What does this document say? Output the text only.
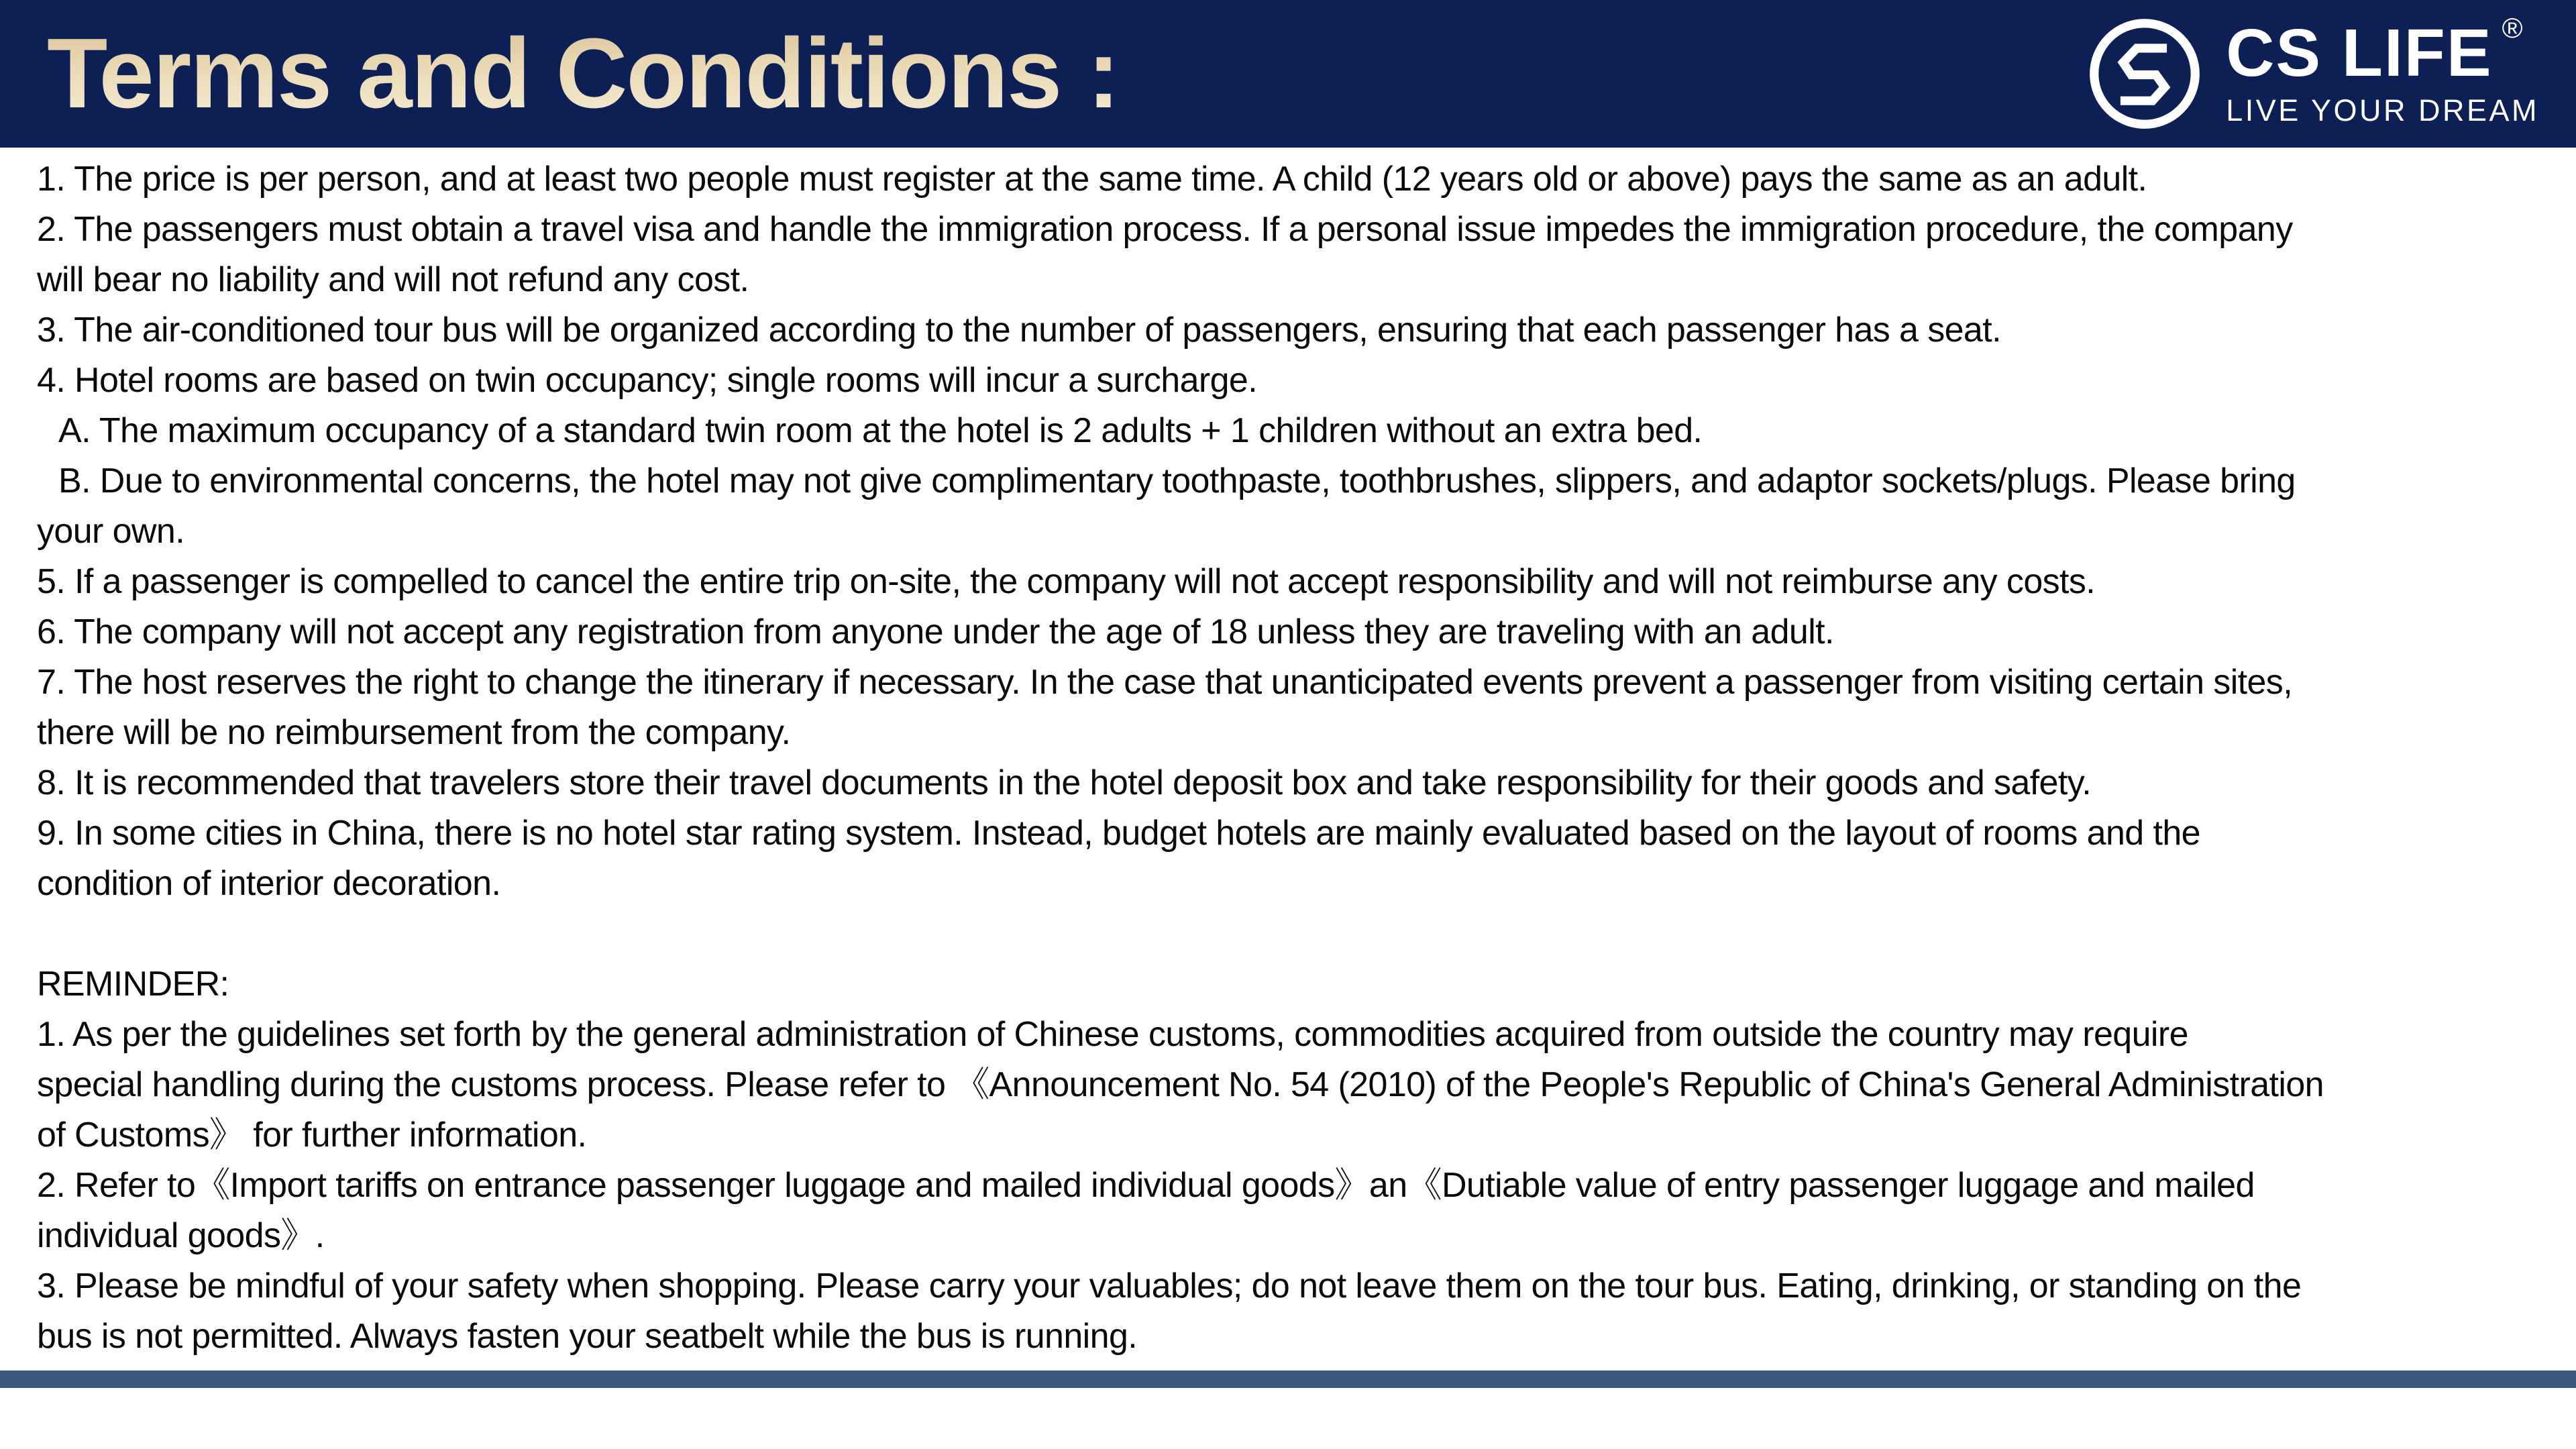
Terms and Conditions :	CS LIFE ®
LIVE YOUR DREAM
1. The price is per person, and at least two people must register at the same time. A child (12 years old or above) pays the same as an adult.
2. The passengers must obtain a travel visa and handle the immigration process. If a personal issue impedes the immigration procedure, the company
will bear no liability and will not refund any cost.
3. The air-conditioned tour bus will be organized according to the number of passengers, ensuring that each passenger has a seat.
4. Hotel rooms are based on twin occupancy; single rooms will incur a surcharge.
A. The maximum occupancy of a standard twin room at the hotel is 2 adults + 1 children without an extra bed.
B. Due to environmental concerns, the hotel may not give complimentary toothpaste, toothbrushes, slippers, and adaptor sockets/plugs. Please bring
your own.
5. If a passenger is compelled to cancel the entire trip on-site, the company will not accept responsibility and will not reimburse any costs.
6. The company will not accept any registration from anyone under the age of 18 unless they are traveling with an adult.
7. The host reserves the right to change the itinerary if necessary. In the case that unanticipated events prevent a passenger from visiting certain sites,
there will be no reimbursement from the company.
8. It is recommended that travelers store their travel documents in the hotel deposit box and take responsibility for their goods and safety.
9. In some cities in China, there is no hotel star rating system. Instead, budget hotels are mainly evaluated based on the layout of rooms and the
condition of interior decoration.

REMINDER:
1. As per the guidelines set forth by the general administration of Chinese customs, commodities acquired from outside the country may require
special handling during the customs process. Please refer to 《Announcement No. 54 (2010) of the People's Republic of China's General Administration
of Customs》 for further information.
2. Refer to《Import tariffs on entrance passenger luggage and mailed individual goods》an《Dutiable value of entry passenger luggage and mailed
individual goods》.
3. Please be mindful of your safety when shopping. Please carry your valuables; do not leave them on the tour bus. Eating, drinking, or standing on the
bus is not permitted. Always fasten your seatbelt while the bus is running.
